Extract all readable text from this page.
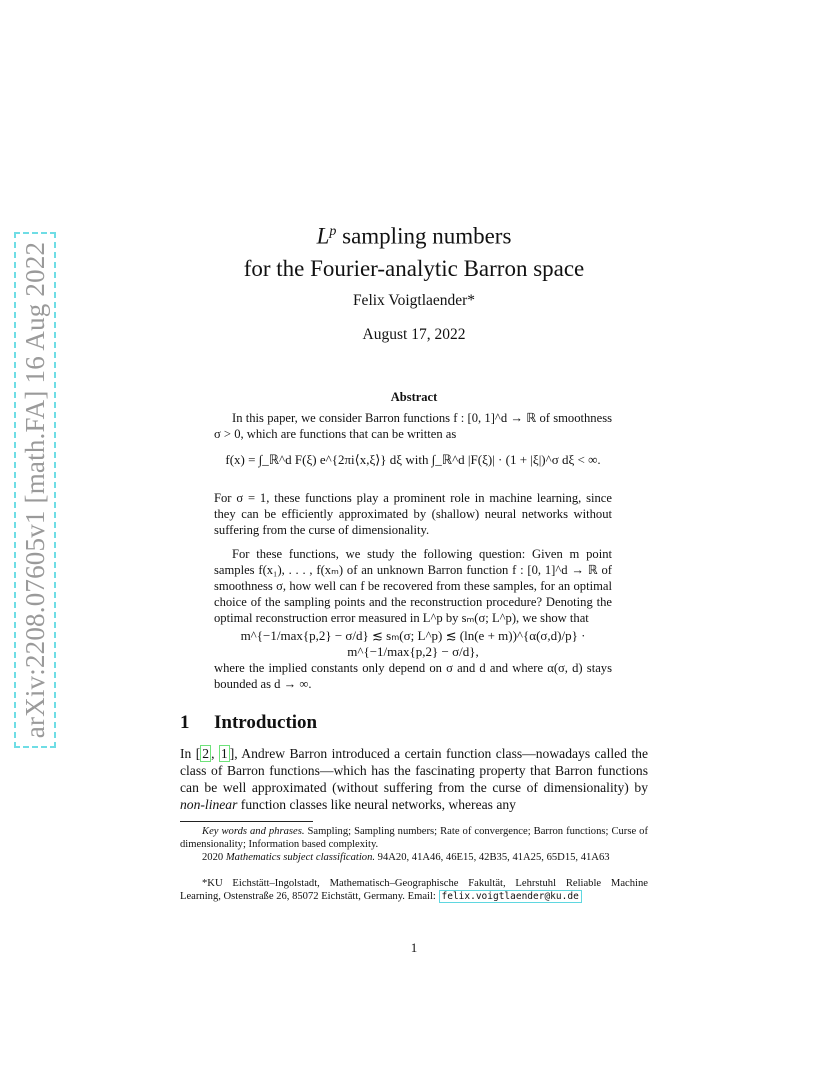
arXiv:2208.07605v1 [math.FA] 16 Aug 2022
$L^p$ sampling numbers
for the Fourier-analytic Barron space
Felix Voigtlaender*
August 17, 2022
Abstract
In this paper, we consider Barron functions f : [0, 1]^d → ℝ of smoothness σ > 0, which are functions that can be written as
f(x) = ∫_ℝ^d F(ξ) e^{2πi⟨x,ξ⟩} dξ with ∫_ℝ^d |F(ξ)| · (1 + |ξ|)^σ dξ < ∞.
For σ = 1, these functions play a prominent role in machine learning, since they can be efficiently approximated by (shallow) neural networks without suffering from the curse of dimensionality.
For these functions, we study the following question: Given m point samples f(x₁), . . . , f(xₘ) of an unknown Barron function f : [0, 1]^d → ℝ of smoothness σ, how well can f be recovered from these samples, for an optimal choice of the sampling points and the reconstruction procedure? Denoting the optimal reconstruction error measured in L^p by sₘ(σ; L^p), we show that
m^{−1/max{p,2} − σ/d} ≲ sₘ(σ; L^p) ≲ (ln(e + m))^{α(σ,d)/p} · m^{−1/max{p,2} − σ/d},
where the implied constants only depend on σ and d and where α(σ, d) stays bounded as d → ∞.
1 Introduction
In [ 2 , 1 ], Andrew Barron introduced a certain function class—nowadays called the class of Barron functions—which has the fascinating property that Barron functions can be well approximated (without suffering from the curse of dimensionality) by non-linear function classes like neural networks, whereas any
Key words and phrases. Sampling; Sampling numbers; Rate of convergence; Barron functions; Curse of dimensionality; Information based complexity.
2020 Mathematics subject classification. 94A20, 41A46, 46E15, 42B35, 41A25, 65D15, 41A63
*KU Eichstätt–Ingolstadt, Mathematisch–Geographische Fakultät, Lehrstuhl Reliable Machine Learning, Ostenstraße 26, 85072 Eichstätt, Germany. Email: felix.voigtlaender@ku.de
1
